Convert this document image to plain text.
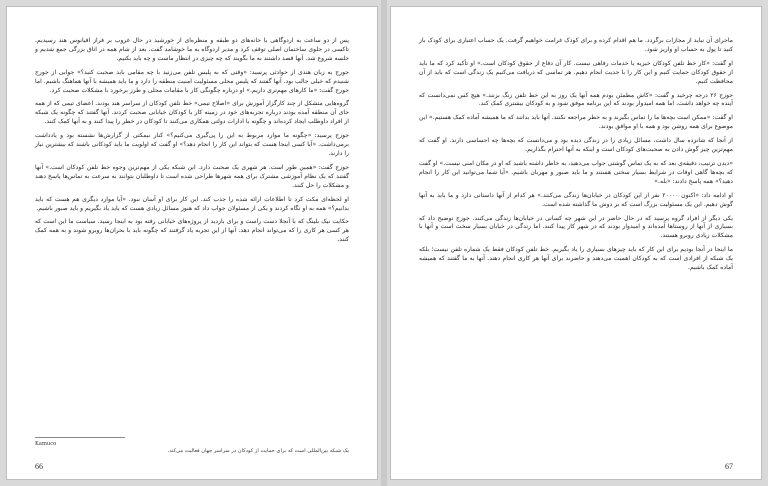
پس از دو ساعت به اردوگاهی با خانه‌های دو طبقه و منظره‌ای از خورشید در حال غروب بر فراز اقیانوس هند رسیدیم. تاکسی در جلوی ساختمان اصلی توقف کرد و مدیر اردوگاه به ما خوشامد گفت. بعد از شام همه در اتاق بزرگی جمع شدیم و جلسه شروع شد. آنها قصد داشتند به ما بگویند که چه چیزی در انتظار ماست و چه باید بکنیم.

جورج به زبان هندی از حوادثی پرسید: «وقتی که به پلیس تلفن می‌زنید با چه مقامی باید صحبت کنید؟» جوابی از جورج شنیدم که خیلی جالب بود. آنها گفتند که پلیس محلی مسئولیت امنیت منطقه را دارد و ما باید همیشه با آنها هماهنگ باشیم. اما جورج گفت: «ما کارهای مهم‌تری داریم.» او درباره چگونگی کار با مقامات محلی و طرز برخورد با مشکلات صحبت کرد.

گروه‌هایی متشکل از چند کارگزار آموزش برای «اصلاح تیمی» خط تلفن کودکان از سراسر هند بودند. اعضای تیمی که از همه جای آن منطقه آمده بودند درباره تجربه‌های خود در زمینه کار با کودکان خیابانی صحبت کردند. آنها گفتند که چگونه یک شبکه از افراد داوطلب ایجاد کرده‌اند و چگونه با ادارات دولتی همکاری می‌کنند تا کودکان در خطر را پیدا کنند و به آنها کمک کنند.

جورج پرسید: «چگونه ما موارد مربوط به این را پی‌گیری می‌کنیم؟» کنار نیمکتی از گزارش‌ها نشسته بود و یادداشت برمی‌داشت. «آیا کسی اینجا هست که بتواند این کار را انجام دهد؟» او گفت که اولویت ما باید کودکانی باشند که بیشترین نیاز را دارند.

جورج گفت: «همین طور است. هر شهری یک صحبت دارد. این شبکه یکی از مهم‌ترین وجوه خط تلفن کودکان است.» آنها گفتند که یک نظام آموزشی مشترک برای همه شهرها طراحی شده است تا داوطلبان بتوانند به سرعت به تماس‌ها پاسخ دهند و مشکلات را حل کنند.

او لحظه‌ای مکث کرد تا اطلاعات ارائه شده را جذب کند. این کار برای او آسان نبود. «آیا موارد دیگری هم هست که باید بدانیم؟» همه به او نگاه کردند و یکی از مسئولان جواب داد که هنوز مسائل زیادی هست که باید یاد بگیریم و باید صبور باشیم.

حکایت نیک بلینگ که با آنجلا دست راست و برای بازدید از پروژه‌های خیابانی رفته بود به اینجا رسید. سیاست ما این است که هر کسی هر کاری را که می‌تواند انجام دهد. آنها از این تجربه یاد گرفتند که چگونه باید با بحران‌ها روبرو شوند و به همه کمک کنند.

Kamuco
یک شبکه بین‌المللی است که برای حمایت از کودکان در سراسر جهان فعالیت می‌کند.
66

ماجرا‌ی آن نباید از مجازات برگردد. ما هم اقدام کرده و برای کودک غرامت خواهیم گرفت. یک حساب اعتباری برای کودک باز کنید تا پول به حساب او واریز شود.

او گفت: «کار خط تلفن کودکان خیریه یا خدمات رفاهی نیست. کار آن دفاع از حقوق کودکان است.» او تأکید کرد که ما باید از حقوق کودکان حمایت کنیم و این کار را با جدیت انجام دهیم. هر تماسی که دریافت می‌کنیم یک زندگی است که باید از آن محافظت کنیم.

جورج ۲۶ درجه چرخید و گفت: «کاش مطمئن بودم همه آنها یک روز به این خط تلفن زنگ بزنند.» هیچ کس نمی‌دانست که آینده چه خواهد داشت. اما همه امیدوار بودند که این برنامه موفق شود و به کودکان بیشتری کمک کند.

او گفت: «ممکن است بچه‌ها ما را تماس بگیرند و به خطر مراجعه نکنند. آنها باید بدانند که ما همیشه آماده کمک هستیم.» این موضوع برای همه روشن بود و همه با او موافق بودند.

از آنجا که شانزده سال داشت، مسائل زیادی را در زندگی دیده بود و می‌دانست که بچه‌ها چه احساسی دارند. او گفت که مهم‌ترین چیز گوش دادن به صحبت‌های کودکان است و اینکه به آنها احترام بگذاریم.

«دیدن ترتیب، دقیقه‌ی بعد که به یک تماس گوشتی جواب می‌دهید، به خاطر داشته باشید که او در مکان امنی نیست.» او گفت که بچه‌ها گاهی اوقات در شرایط بسیار سختی هستند و ما باید صبور و مهربان باشیم. «آیا شما می‌توانید این کار را انجام دهید؟» همه پاسخ دادند: «بله.»

او ادامه داد: «اکنون ۲۰۰۰۰ نفر از این کودکان در خیابان‌ها زندگی می‌کنند.» هر کدام از آنها داستانی دارد و ما باید به آنها گوش دهیم. این یک مسئولیت بزرگ است که بر دوش ما گذاشته شده است.

یکی دیگر از افراد گروه پرسید که در حال حاضر در این شهر چه کسانی در خیابان‌ها زندگی می‌کنند. جورج توضیح داد که بسیاری از آنها از روستاها آمده‌اند و امیدوار بودند که در شهر کار پیدا کنند. اما زندگی در خیابان بسیار سخت است و آنها با مشکلات زیادی روبرو هستند.

ما اینجا در آنجا بودیم برای این کار که باید چیزهای بسیاری را یاد بگیریم. خط تلفن کودکان فقط یک شماره تلفن نیست؛ بلکه یک شبکه از افرادی است که به کودکان اهمیت می‌دهند و حاضرند برای آنها هر کاری انجام دهند. آنها به ما گفتند که همیشه آماده کمک باشیم.

67
